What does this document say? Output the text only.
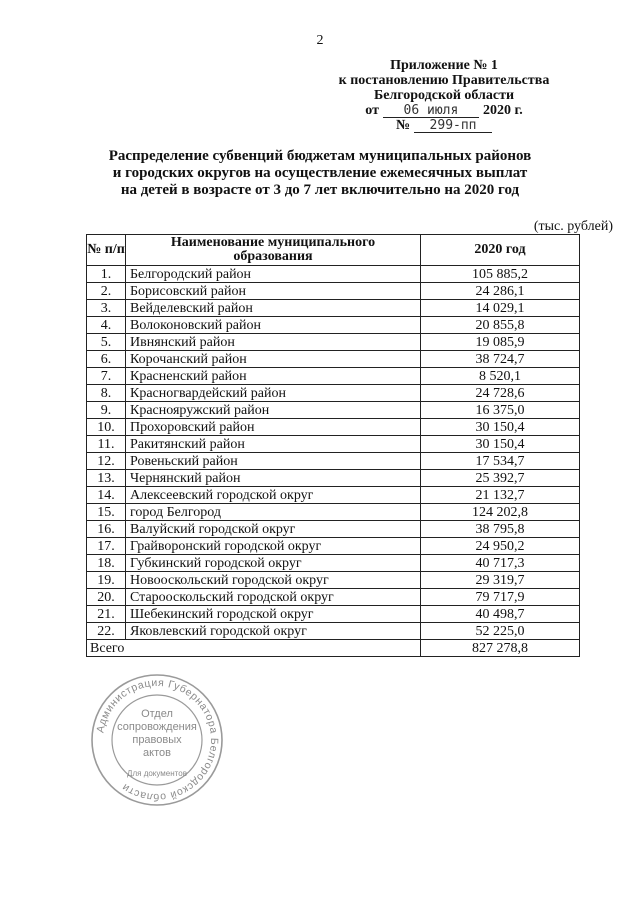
2
Приложение № 1
к постановлению Правительства
Белгородской области
от	06 июля	2020 г.
№	299-пп
Распределение субвенций бюджетам муниципальных районов
и городских округов на осуществление ежемесячных выплат
на детей в возрасте от 3 до 7 лет включительно на 2020 год
(тыс. рублей)
№ п/п	Наименование муниципального образования	2020 год
1.	Белгородский район	105 885,2
2.	Борисовский район	24 286,1
3.	Вейделевский район	14 029,1
4.	Волоконовский район	20 855,8
5.	Ивнянский район	19 085,9
6.	Корочанский район	38 724,7
7.	Красненский район	8 520,1
8.	Красногвардейский район	24 728,6
9.	Краснояружский район	16 375,0
10.	Прохоровский район	30 150,4
11.	Ракитянский район	30 150,4
12.	Ровеньский район	17 534,7
13.	Чернянский район	25 392,7
14.	Алексеевский городской округ	21 132,7
15.	город Белгород	124 202,8
16.	Валуйский городской округ	38 795,8
17.	Грайворонский городской округ	24 950,2
18.	Губкинский городской округ	40 717,3
19.	Новооскольский городской округ	29 319,7
20.	Старооскольский городской округ	79 717,9
21.	Шебекинский городской округ	40 498,7
22.	Яковлевский городской округ	52 225,0
Всего		827 278,8
Администрация Губернатора Белгородской области
Отдел
сопровождения
правовых
актов
Для документов
